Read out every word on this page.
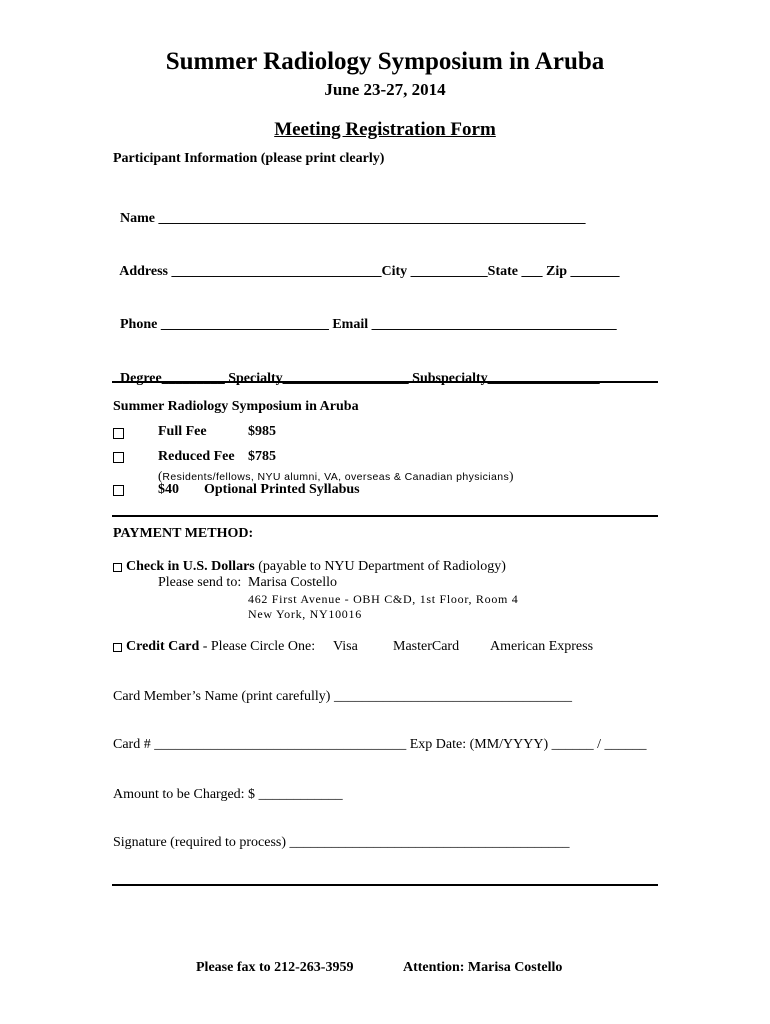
Summer Radiology Symposium in Aruba
June 23-27, 2014
Meeting Registration Form
Participant Information (please print clearly)

Name _____________________________________________________________

Address ______________________________City ___________State ___ Zip _______

Phone ________________________ Email ___________________________________

Degree_________ Specialty__________________ Subspecialty________________

Summer Radiology Symposium in Aruba
Full Fee	$985
Reduced Fee $785
(Residents/fellows, NYU alumni, VA, overseas & Canadian physicians)
$40 Optional Printed Syllabus
PAYMENT METHOD:
Check in U.S. Dollars (payable to NYU Department of Radiology)
Please send to: Marisa Costello
462 First Avenue - OBH C&D, 1st Floor, Room 4
New York, NY10016
Credit Card - Please Circle One: Visa	MasterCard American Express
Card Member’s Name (print carefully) __________________________________
Card # ____________________________________ Exp Date: (MM/YYYY) ______ / ______
Amount to be Charged: $ ____________
Signature (required to process) ________________________________________
Please fax to 212-263-3959	Attention: Marisa Costello
